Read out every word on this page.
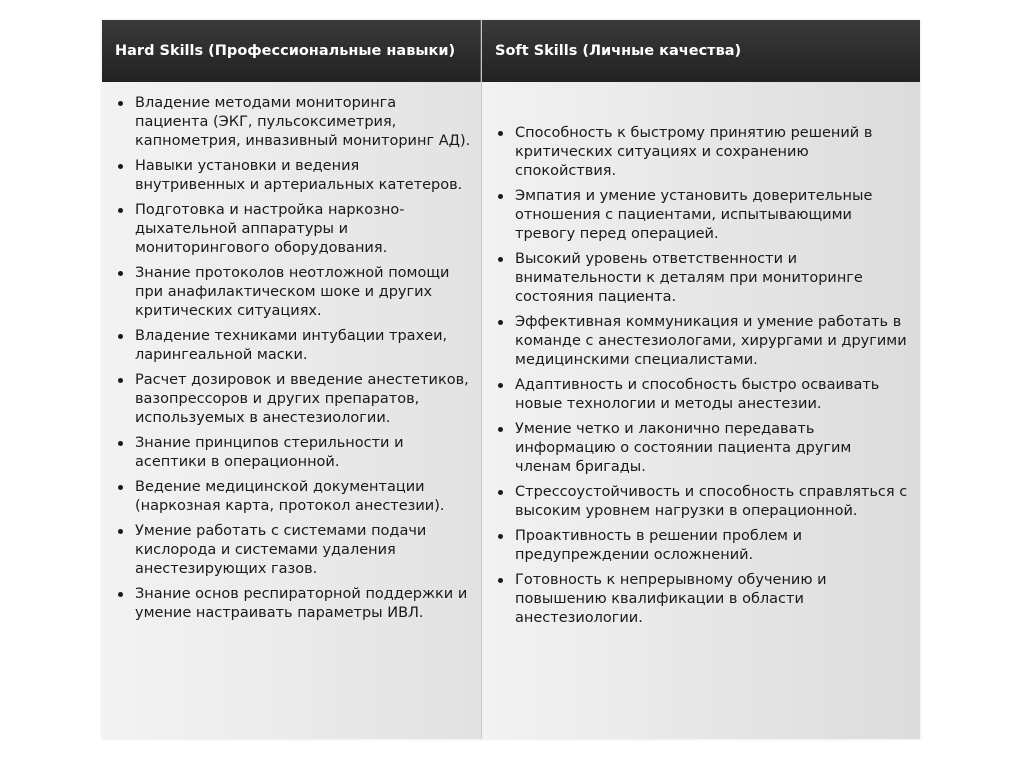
Hard Skills (Профессиональные навыки)
Владение методами мониторинга пациента (ЭКГ, пульсоксиметрия, капнометрия, инвазивный мониторинг АД).
Навыки установки и ведения внутривенных и артериальных катетеров.
Подготовка и настройка наркозно-дыхательной аппаратуры и мониторингового оборудования.
Знание протоколов неотложной помощи при анафилактическом шоке и других критических ситуациях.
Владение техниками интубации трахеи, ларингеальной маски.
Расчет дозировок и введение анестетиков, вазопрессоров и других препаратов, используемых в анестезиологии.
Знание принципов стерильности и асептики в операционной.
Ведение медицинской документации (наркозная карта, протокол анестезии).
Умение работать с системами подачи кислорода и системами удаления анестезирующих газов.
Знание основ респираторной поддержки и умение настраивать параметры ИВЛ.
Soft Skills (Личные качества)
Способность к быстрому принятию решений в критических ситуациях и сохранению спокойствия.
Эмпатия и умение установить доверительные отношения с пациентами, испытывающими тревогу перед операцией.
Высокий уровень ответственности и внимательности к деталям при мониторинге состояния пациента.
Эффективная коммуникация и умение работать в команде с анестезиологами, хирургами и другими медицинскими специалистами.
Адаптивность и способность быстро осваивать новые технологии и методы анестезии.
Умение четко и лаконично передавать информацию о состоянии пациента другим членам бригады.
Стрессоустойчивость и способность справляться с высоким уровнем нагрузки в операционной.
Проактивность в решении проблем и предупреждении осложнений.
Готовность к непрерывному обучению и повышению квалификации в области анестезиологии.
